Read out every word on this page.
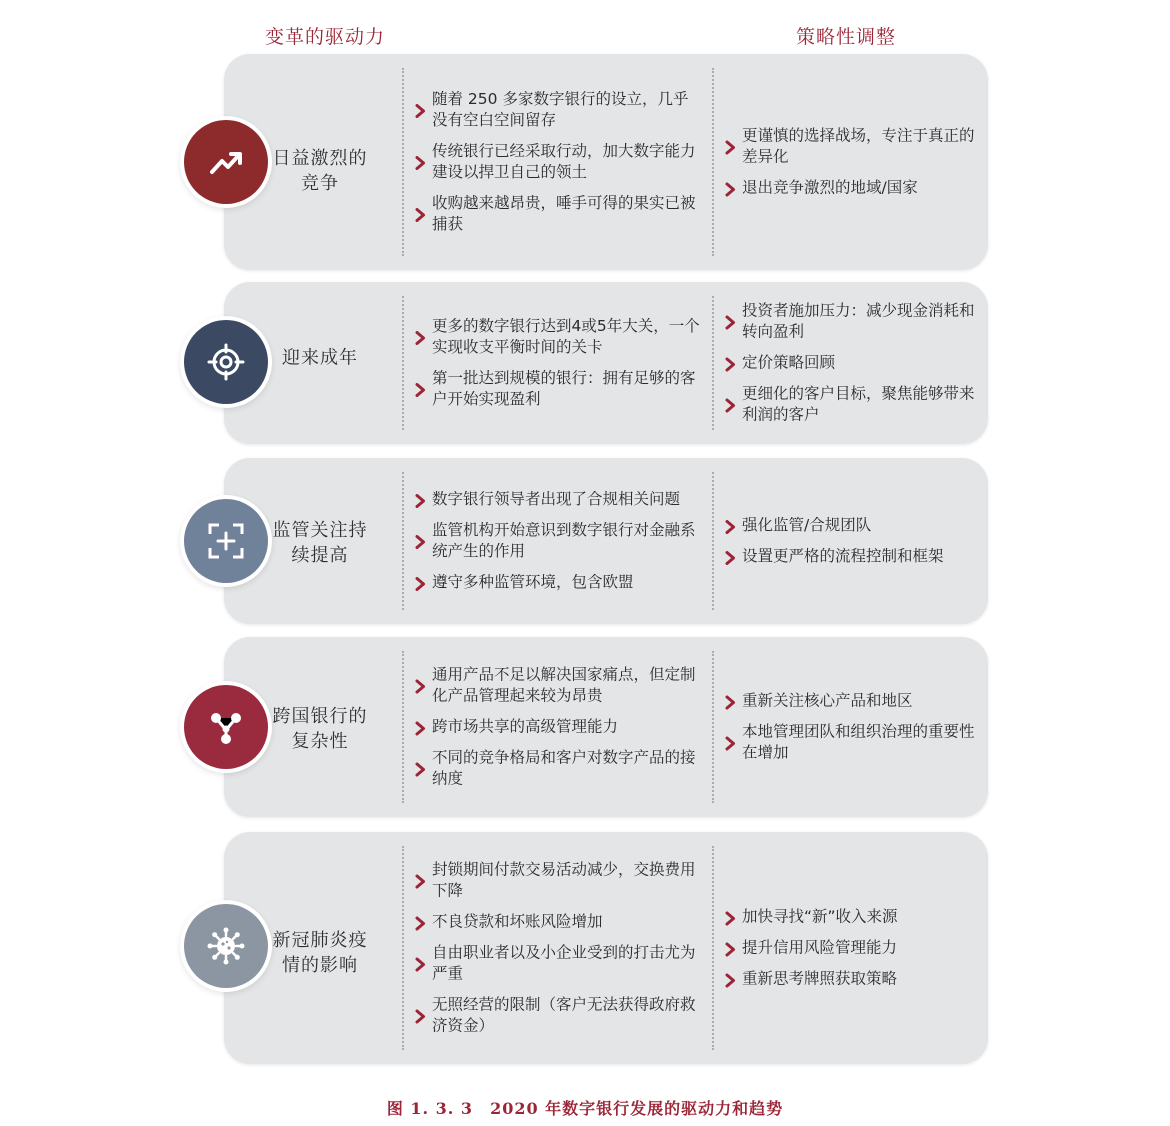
变革的驱动力	策略性调整
日益激烈的竞争
随着 250 多家数字银行的设立，几乎没有空白空间留存
传统银行已经采取行动，加大数字能力建设以捍卫自己的领土
收购越来越昂贵，唾手可得的果实已被捕获
更谨慎的选择战场，专注于真正的差异化
退出竞争激烈的地域/国家
迎来成年
更多的数字银行达到4或5年大关，一个实现收支平衡时间的关卡
第一批达到规模的银行：拥有足够的客户开始实现盈利
投资者施加压力：减少现金消耗和转向盈利
定价策略回顾
更细化的客户目标，聚焦能够带来利润的客户
监管关注持续提高
数字银行领导者出现了合规相关问题
监管机构开始意识到数字银行对金融系统产生的作用
遵守多种监管环境，包含欧盟
强化监管/合规团队
设置更严格的流程控制和框架
跨国银行的复杂性
通用产品不足以解决国家痛点，但定制化产品管理起来较为昂贵
跨市场共享的高级管理能力
不同的竞争格局和客户对数字产品的接纳度
重新关注核心产品和地区
本地管理团队和组织治理的重要性在增加
新冠肺炎疫情的影响
封锁期间付款交易活动减少，交换费用下降
不良贷款和坏账风险增加
自由职业者以及小企业受到的打击尤为严重
无照经营的限制（客户无法获得政府救济资金）
加快寻找“新”收入来源
提升信用风险管理能力
重新思考牌照获取策略
图 1. 3. 3　2020 年数字银行发展的驱动力和趋势
